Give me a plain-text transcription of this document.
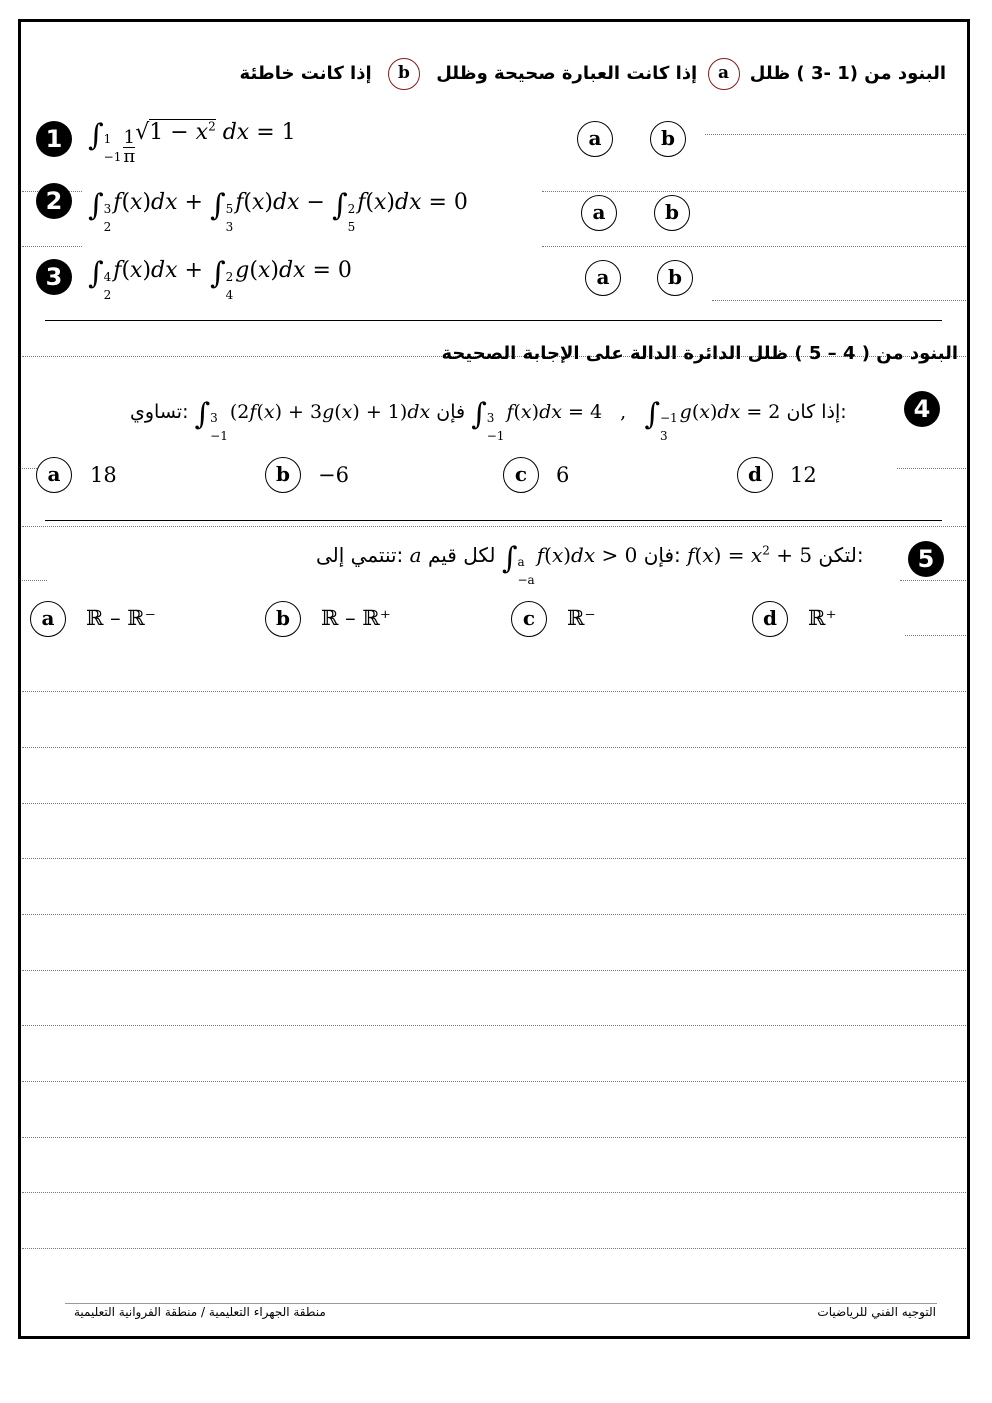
البنود من (1 -3 ) ظلل a إذا كانت العبارة صحيحة وظلل b إذا كانت خاطئة
1 ∫ 1
$-1 \frac{1}{\pi} √1 - x^2$ dx = 1	a	b
2 ∫ 3
2
f(x)dx + ∫ 5
3
f(x)dx − ∫ 2
5
f(x)dx = 0	a	b
3 ∫ 4
2
f(x)dx + ∫ 2
4
g(x)dx = 0	a	b
البنود من ( 4 – 5 ) ظلل الدائرة الدالة على الإجابة الصحيحة
4
تساوي: ∫ 3
−1
(2f(x) + 3g(x) + 1)dx فإن ∫ 3
−1
f(x)dx = 4   ,   ∫ −1
3
g(x)dx = 2 إذا كان:
a	18	b	−6	c	6	d	12
5
تنتمي إلى: a لكل قيم ∫ a
−a
f(x)dx > 0 فإن: $f(x) = x^2 + 5$ لتكن:
a	ℝ – ℝ⁻	b	ℝ – ℝ⁺	c	ℝ⁻	d	ℝ⁺
منطقة الجهراء التعليمية / منطقة الفروانية التعليمية	التوجيه الفني للرياضيات
